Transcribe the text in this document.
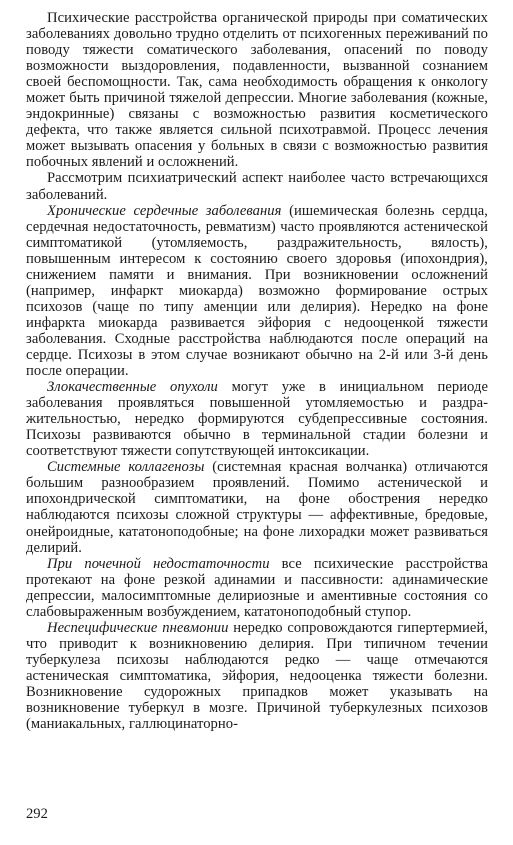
Психические расстройства органической природы при соматических заболеваниях довольно трудно отделить от психогенных переживаний по поводу тяжести соматического заболевания, опасений по поводу возможности выздоровления, подавленности, вызванной сознанием своей беспомощности. Так, сама необходимость обращения к онкологу может быть причиной тяжелой депрессии. Многие заболевания (кожные, эндокринные) связаны с возможностью развития косметического дефекта, что также является сильной психотравмой. Процесс лечения может вызывать опасения у больных в связи с возможностью развития побочных явлений и осложнений.

Рассмотрим психиатрический аспект наиболее часто встречающихся заболеваний.

Хронические сердечные заболевания (ишемическая болезнь сердца, сердечная недостаточность, ревматизм) часто проявляются астенической симптоматикой (утомляемость, раздражительность, вялость), повышенным интересом к состоянию своего здоровья (ипохондрия), снижением памяти и внимания. При возникновении осложнений (например, инфаркт миокарда) возможно формирование острых психозов (чаще по типу аменции или делирия). Нередко на фоне инфаркта миокарда развивается эйфория с недооценкой тяжести заболевания. Сходные расстройства наблюдаются после операций на сердце. Психозы в этом случае возникают обычно на 2-й или 3-й день после операции.

Злокачественные опухоли могут уже в инициальном периоде заболевания проявляться повышенной утомляемостью и раздражительностью, нередко формируются субдепрессивные состояния. Психозы развиваются обычно в терминальной стадии болезни и соответствуют тяжести сопутствующей интоксикации.

Системные коллагенозы (системная красная волчанка) отличаются большим разнообразием проявлений. Помимо астенической и ипохондрической симптоматики, на фоне обострения нередко наблюдаются психозы сложной структуры — аффективные, бредовые, онейроидные, кататоноподобные; на фоне лихорадки может развиваться делирий.

При почечной недостаточности все психические расстройства протекают на фоне резкой адинамии и пассивности: адинамические депрессии, малосимптомные делириозные и аментивные состояния со слабовыраженным возбуждением, кататоноподобный ступор.

Неспецифические пневмонии нередко сопровождаются гипертермией, что приводит к возникновению делирия. При типичном течении туберкулеза психозы наблюдаются редко — чаще отмечаются астеническая симптоматика, эйфория, недооценка тяжести болезни. Возникновение судорожных припадков может указывать на возникновение туберкул в мозге. Причиной туберкулезных психозов (маниакальных, галлюцинаторно-

292
